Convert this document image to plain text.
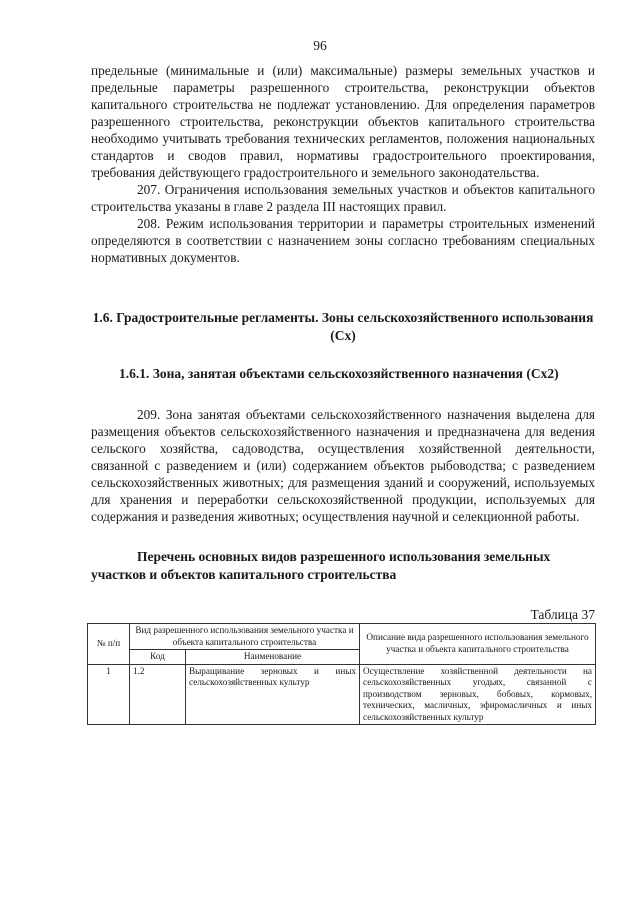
96

предельные (минимальные и (или) максимальные) размеры земельных участков и предельные параметры разрешенного строительства, реконструкции объектов капитального строительства не подлежат установлению. Для определения параметров разрешенного строительства, реконструкции объектов капитального строительства необходимо учитывать требования технических регламентов, положения национальных стандартов и сводов правил, нормативы градостроительного проектирования, требования действующего градостроительного и земельного законодательства.

207. Ограничения использования земельных участков и объектов капитального строительства указаны в главе 2 раздела III настоящих правил.

208. Режим использования территории и параметры строительных изменений определяются в соответствии с назначением зоны согласно требованиям специальных нормативных документов.

1.6. Градостроительные регламенты. Зоны сельскохозяйственного использования (Сх)

1.6.1. Зона, занятая объектами сельскохозяйственного назначения (Сх2)

209. Зона занятая объектами сельскохозяйственного назначения выделена для размещения объектов сельскохозяйственного назначения и предназначена для ведения сельского хозяйства, садоводства, осуществления хозяйственной деятельности, связанной с разведением и (или) содержанием объектов рыбоводства; с разведением сельскохозяйственных животных; для размещения зданий и сооружений, используемых для хранения и переработки сельскохозяйственной продукции, используемых для содержания и разведения животных; осуществления научной и селекционной работы.

Перечень основных видов разрешенного использования земельных участков и объектов капитального строительства

Таблица 37

№ п/п	Вид разрешенного использования земельного участка и объекта капитального строительства		Описание вида разрешенного использования земельного участка и объекта капитального строительства
	Код	Наименование	
1	1.2	Выращивание зерновых и иных сельскохозяйственных культур	Осуществление хозяйственной деятельности на сельскохозяйственных угодьях, связанной с производством зерновых, бобовых, кормовых, технических, масличных, эфиромасличных и иных сельскохозяйственных культур
